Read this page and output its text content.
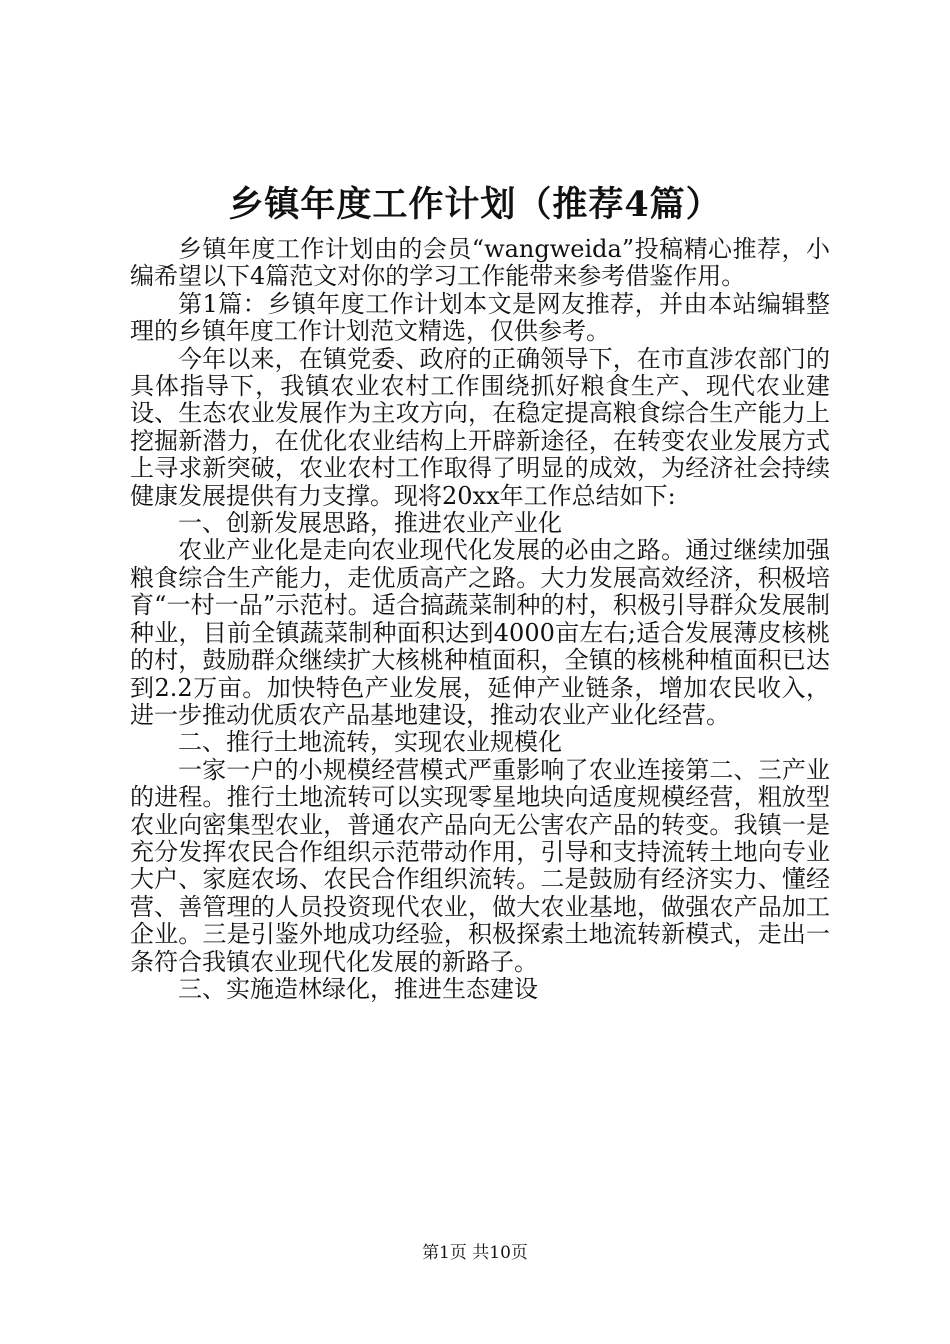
乡镇年度工作计划（推荐4篇）

乡镇年度工作计划由的会员“wangweida”投稿精心推荐，小编希望以下4篇范文对你的学习工作能带来参考借鉴作用。

第1篇：乡镇年度工作计划本文是网友推荐，并由本站编辑整理的乡镇年度工作计划范文精选，仅供参考。

今年以来，在镇党委、政府的正确领导下，在市直涉农部门的具体指导下，我镇农业农村工作围绕抓好粮食生产、现代农业建设、生态农业发展作为主攻方向，在稳定提高粮食综合生产能力上挖掘新潜力，在优化农业结构上开辟新途径，在转变农业发展方式上寻求新突破，农业农村工作取得了明显的成效，为经济社会持续健康发展提供有力支撑。现将20xx年工作总结如下:

一、创新发展思路，推进农业产业化

农业产业化是走向农业现代化发展的必由之路。通过继续加强粮食综合生产能力，走优质高产之路。大力发展高效经济，积极培育“一村一品”示范村。适合搞蔬菜制种的村，积极引导群众发展制种业，目前全镇蔬菜制种面积达到4000亩左右;适合发展薄皮核桃的村，鼓励群众继续扩大核桃种植面积，全镇的核桃种植面积已达到2.2万亩。加快特色产业发展，延伸产业链条，增加农民收入，进一步推动优质农产品基地建设，推动农业产业化经营。

二、推行土地流转，实现农业规模化

一家一户的小规模经营模式严重影响了农业连接第二、三产业的进程。推行土地流转可以实现零星地块向适度规模经营，粗放型农业向密集型农业，普通农产品向无公害农产品的转变。我镇一是充分发挥农民合作组织示范带动作用，引导和支持流转土地向专业大户、家庭农场、农民合作组织流转。二是鼓励有经济实力、懂经营、善管理的人员投资现代农业，做大农业基地，做强农产品加工企业。三是引鉴外地成功经验，积极探索土地流转新模式，走出一条符合我镇农业现代化发展的新路子。

三、实施造林绿化，推进生态建设

第1页 共10页
